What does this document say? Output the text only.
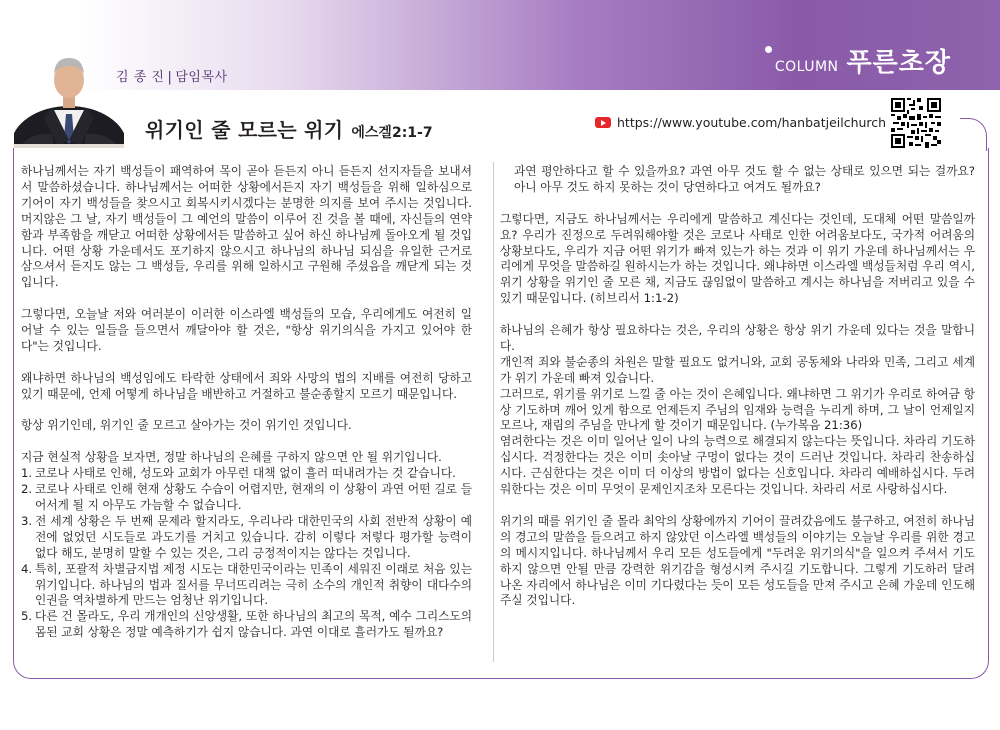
COLUMN 푸른초장
김 종 진 | 담임목사
위기인 줄 모르는 위기 에스겔2:1-7
https://www.youtube.com/hanbatjeilchurch

하나님께서는 자기 백성들이 패역하여 목이 곧아 듣든지 아니 듣든지 선지자들을 보내셔서 말씀하셨습니다. 하나님께서는 어떠한 상황에서든지 자기 백성들을 위해 일하심으로 기어이 자기 백성들을 찾으시고 회복시키시겠다는 분명한 의지를 보여 주시는 것입니다. 머지않은 그 날, 자기 백성들이 그 예언의 말씀이 이루어 진 것을 볼 때에, 자신들의 연약함과 부족함을 깨닫고 어떠한 상황에서든 말씀하고 싶어 하신 하나님께 돌아오게 될 것입니다. 어떤 상황 가운데서도 포기하지 않으시고 하나님의 하나님 되심을 유일한 근거로 삼으셔서 듣지도 않는 그 백성들, 우리를 위해 일하시고 구원해 주셨음을 깨닫게 되는 것입니다.

그렇다면, 오늘날 저와 여러분이 이러한 이스라엘 백성들의 모습, 우리에게도 여전히 일어날 수 있는 일들을 들으면서 깨달아야 할 것은, "항상 위기의식을 가지고 있어야 한다"는 것입니다.

왜냐하면 하나님의 백성임에도 타락한 상태에서 죄와 사망의 법의 지배를 여전히 당하고 있기 때문에, 언제 어떻게 하나님을 배반하고 거절하고 불순종할지 모르기 때문입니다.

항상 위기인데, 위기인 줄 모르고 살아가는 것이 위기인 것입니다.

지금 현실적 상황을 보자면, 정말 하나님의 은혜를 구하지 않으면 안 될 위기입니다.

1. 코로나 사태로 인해, 성도와 교회가 아무런 대책 없이 흘러 떠내려가는 것 같습니다.
2. 코로나 사태로 인해 현재 상황도 수습이 어렵지만, 현재의 이 상황이 과연 어떤 길로 들어서게 될 지 아무도 가늠할 수 없습니다.
3. 전 세계 상황은 두 번째 문제라 할지라도, 우리나라 대한민국의 사회 전반적 상황이 예전에 없었던 시도들로 과도기를 거치고 있습니다. 감히 이렇다 저렇다 평가할 능력이 없다 해도, 분명히 말할 수 있는 것은, 그리 긍정적이지는 않다는 것입니다.
4. 특히, 포괄적 차별금지법 제정 시도는 대한민국이라는 민족이 세워진 이래로 처음 있는 위기입니다. 하나님의 법과 질서를 무너뜨리려는 극히 소수의 개인적 취향이 대다수의 인권을 역차별하게 만드는 엄청난 위기입니다.
5. 다른 건 몰라도, 우리 개개인의 신앙생활, 또한 하나님의 최고의 목적, 예수 그리스도의 몸된 교회 상황은 정말 예측하기가 쉽지 않습니다. 과연 이대로 흘러가도 될까요?

과연 평안하다고 할 수 있을까요? 과연 아무 것도 할 수 없는 상태로 있으면 되는 걸까요? 아니 아무 것도 하지 못하는 것이 당연하다고 여겨도 될까요?

그렇다면, 지금도 하나님께서는 우리에게 말씀하고 계신다는 것인데, 도대체 어떤 말씀일까요? 우리가 진정으로 두려워해야할 것은 코로나 사태로 인한 어려움보다도, 국가적 어려움의 상황보다도, 우리가 지금 어떤 위기가 빠져 있는가 하는 것과 이 위기 가운데 하나님께서는 우리에게 무엇을 말씀하길 원하시는가 하는 것입니다. 왜냐하면 이스라엘 백성들처럼 우리 역시, 위기 상황을 위기인 줄 모른 채, 지금도 끊임없이 말씀하고 계시는 하나님을 저버리고 있을 수 있기 때문입니다. (히브리서 1:1-2)

하나님의 은혜가 항상 필요하다는 것은, 우리의 상황은 항상 위기 가운데 있다는 것을 말합니다.

개인적 죄와 불순종의 차원은 말할 필요도 없거니와, 교회 공동체와 나라와 민족, 그리고 세계가 위기 가운데 빠져 있습니다.

그러므로, 위기를 위기로 느낄 줄 아는 것이 은혜입니다. 왜냐하면 그 위기가 우리로 하여금 항상 기도하며 깨어 있게 함으로 언제든지 주님의 임재와 능력을 누리게 하며, 그 날이 언제일지 모르나, 재림의 주님을 만나게 할 것이기 때문입니다. (누가복음 21:36)

염려한다는 것은 이미 일어난 일이 나의 능력으로 해결되지 않는다는 뜻입니다. 차라리 기도하십시다. 걱정한다는 것은 이미 솟아날 구멍이 없다는 것이 드러난 것입니다. 차라리 찬송하십시다. 근심한다는 것은 이미 더 이상의 방법이 없다는 신호입니다. 차라리 예배하십시다. 두려워한다는 것은 이미 무엇이 문제인지조차 모른다는 것입니다. 차라리 서로 사랑하십시다.

위기의 때를 위기인 줄 몰라 최악의 상황에까지 기어이 끌려갔음에도 불구하고, 여전히 하나님의 경고의 말씀을 들으려고 하지 않았던 이스라엘 백성들의 이야기는 오늘날 우리를 위한 경고의 메시지입니다. 하나님께서 우리 모든 성도들에게 "두려운 위기의식"을 일으켜 주셔서 기도하지 않으면 안될 만큼 강력한 위기감을 형성시켜 주시길 기도합니다. 그렇게 기도하러 달려 나온 자리에서 하나님은 이미 기다렸다는 듯이 모든 성도들을 만져 주시고 은혜 가운데 인도해 주실 것입니다.
